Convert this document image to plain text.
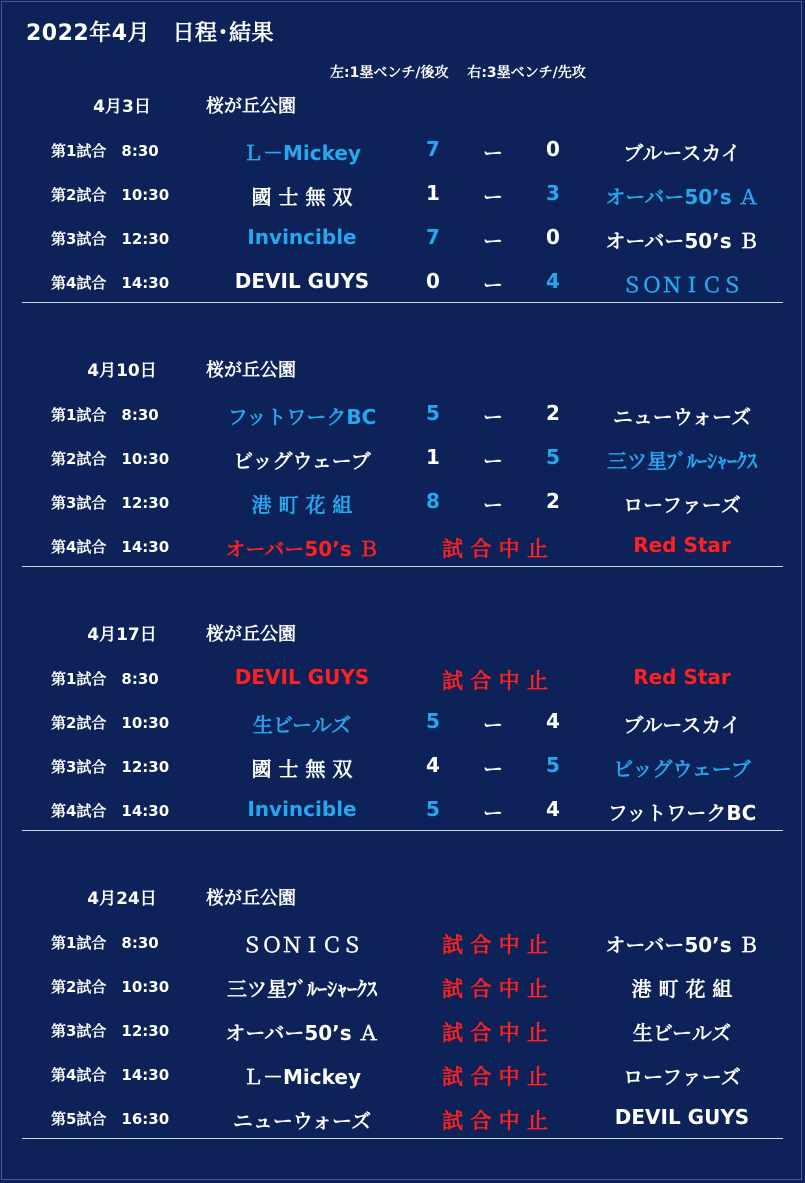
2022年4月　日程･結果
左:1塁ベンチ/後攻　 右:3塁ベンチ/先攻
4月3日	桜が丘公園
第1試合　8:30	Ｌ－Mickey	7	ー	0	ブルースカイ
第2試合　10:30	國 士 無 双	1	ー	3	オーバー50’s Ａ
第3試合　12:30	Invincible	7	ー	0	オーバー50’s Ｂ
第4試合　14:30	DEVIL GUYS	0	ー	4	ＳＯＮＩＣＳ
4月10日	桜が丘公園
第1試合　8:30	フットワークBC	5	ー	2	ニューウォーズ
第2試合　10:30	ビッグウェーブ	1	ー	5	三ツ星ﾌﾞﾙｰｼｬｰｸｽ
第3試合　12:30	港 町 花 組	8	ー	2	ローファーズ
第4試合　14:30	オーバー50’s Ｂ	試 合 中 止	Red Star
4月17日	桜が丘公園
第1試合　8:30	DEVIL GUYS	試 合 中 止	Red Star
第2試合　10:30	生ビールズ	5	ー	4	ブルースカイ
第3試合　12:30	國 士 無 双	4	ー	5	ビッグウェーブ
第4試合　14:30	Invincible	5	ー	4	フットワークBC
4月24日	桜が丘公園
第1試合　8:30	ＳＯＮＩＣＳ	試 合 中 止	オーバー50’s Ｂ
第2試合　10:30	三ツ星ﾌﾞﾙｰｼｬｰｸｽ	試 合 中 止	港 町 花 組
第3試合　12:30	オーバー50’s Ａ	試 合 中 止	生ビールズ
第4試合　14:30	Ｌ－Mickey	試 合 中 止	ローファーズ
第5試合　16:30	ニューウォーズ	試 合 中 止	DEVIL GUYS
